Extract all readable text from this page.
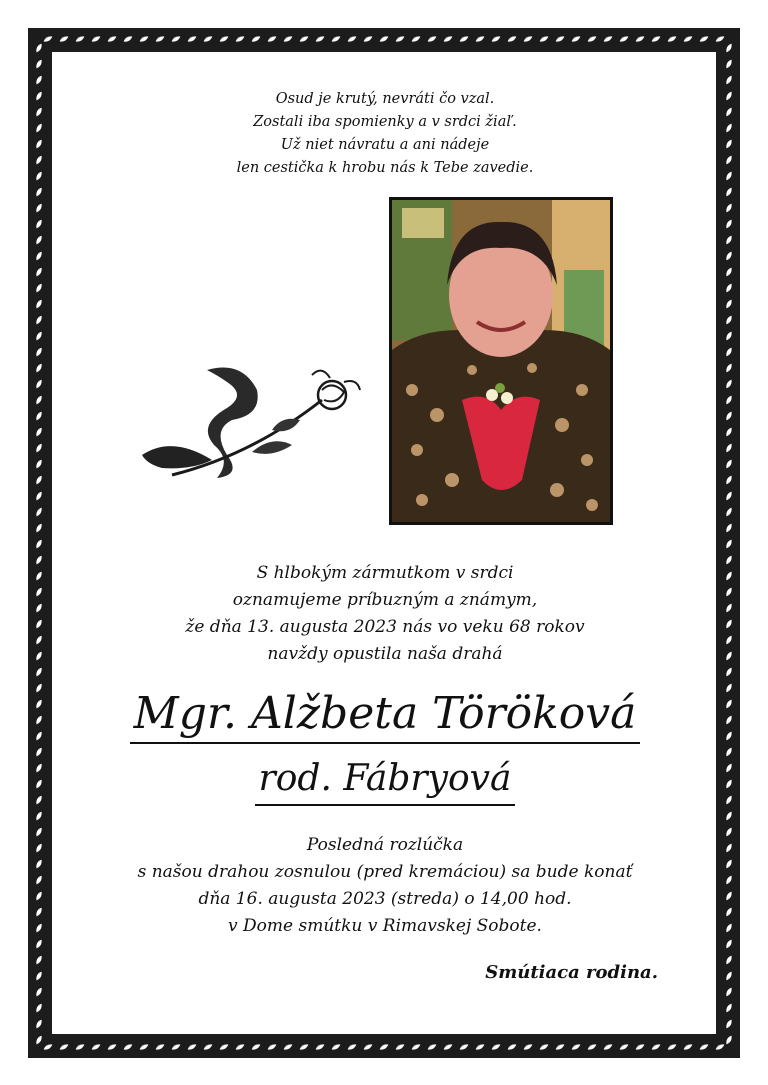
Osud je krutý, nevráti čo vzal.
Zostali iba spomienky a v srdci žiaľ.
Už niet návratu a ani nádeje
len cestička k hrobu nás k Tebe zavedie.
S hlbokým zármutkom v srdci
oznamujeme príbuzným a známym,
že dňa 13. augusta 2023 nás vo veku 68 rokov
navždy opustila naša drahá
Mgr. Alžbeta Töröková
rod. Fábryová
Posledná rozlúčka
s našou drahou zosnulou (pred kremáciou) sa bude konať
dňa 16. augusta 2023 (streda) o 14,00 hod.
v Dome smútku v Rimavskej Sobote.
Smútiaca rodina.
